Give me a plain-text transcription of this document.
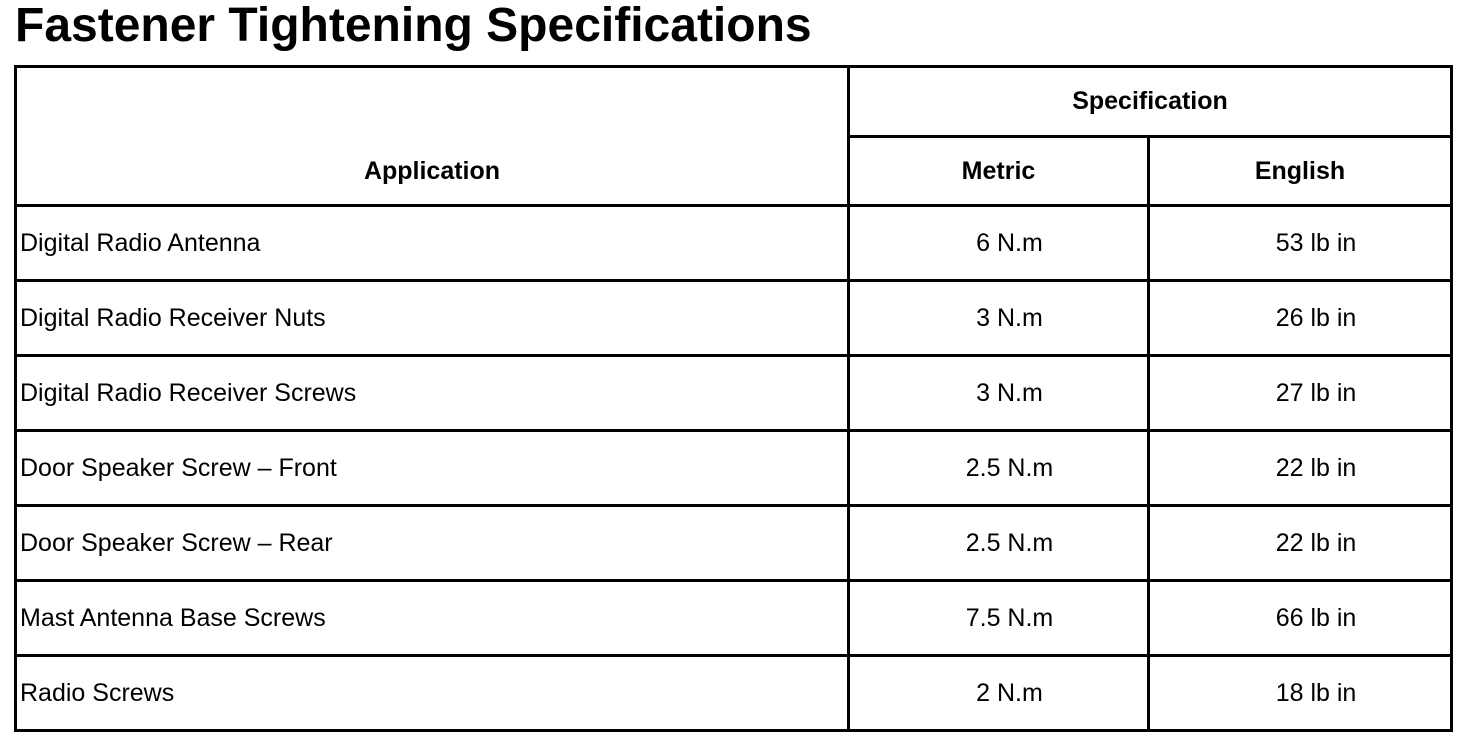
Fastener Tightening Specifications
Application	Specification	
	Metric	English
Digital Radio Antenna	6 N.m	53 lb in
Digital Radio Receiver Nuts	3 N.m	26 lb in
Digital Radio Receiver Screws	3 N.m	27 lb in
Door Speaker Screw – Front	2.5 N.m	22 lb in
Door Speaker Screw – Rear	2.5 N.m	22 lb in
Mast Antenna Base Screws	7.5 N.m	66 lb in
Radio Screws	2 N.m	18 lb in
